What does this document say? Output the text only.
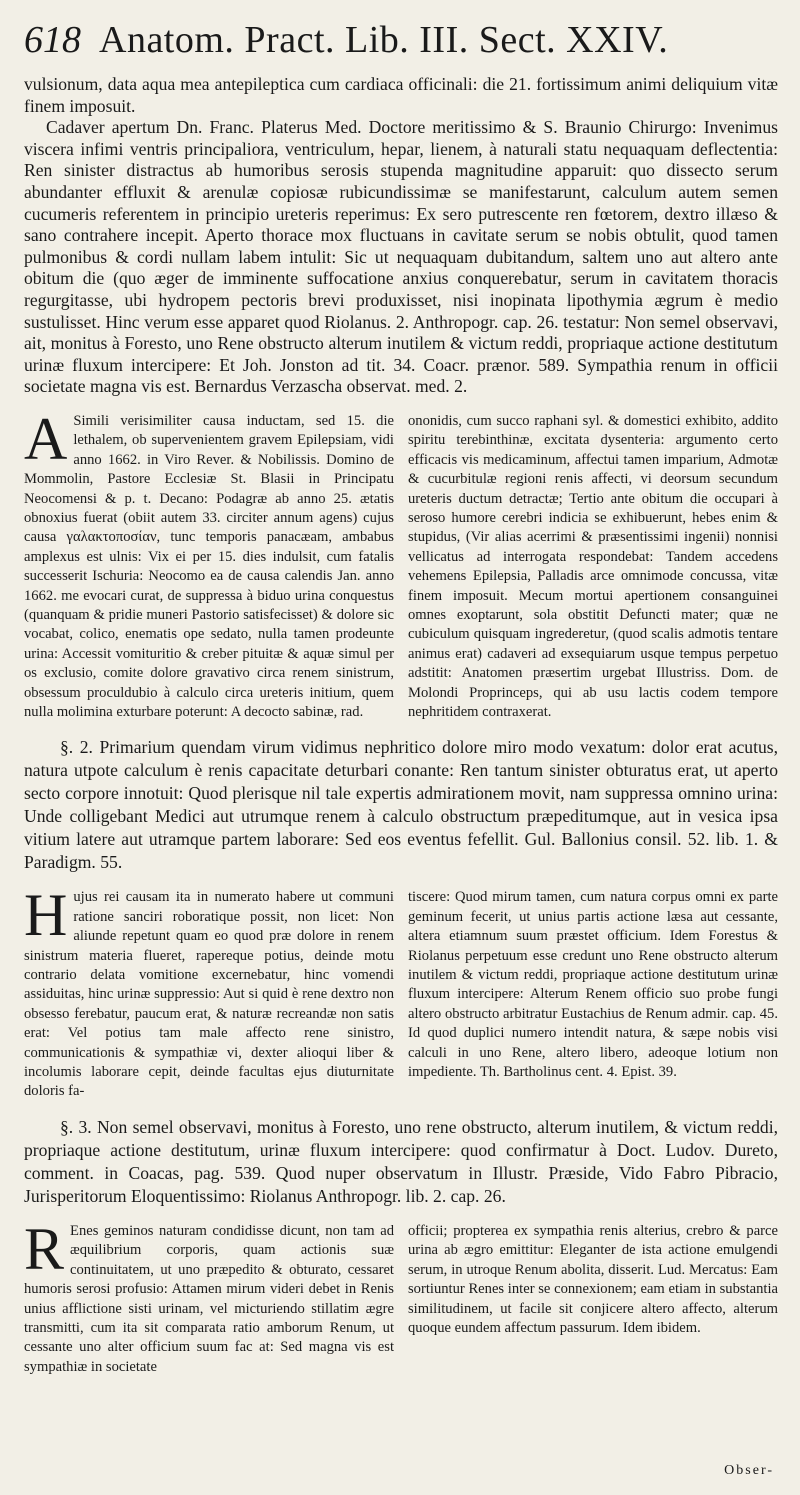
618 Anatom. Pract. Lib. III. Sect. XXIV.

vulsionum, data aqua mea antepileptica cum cardiaca officinali: die 21. fortissimum animi deliquium vitæ finem imposuit.

Cadaver apertum Dn. Franc. Platerus Med. Doctore meritissimo & S. Braunio Chirurgo: Invenimus viscera infimi ventris principaliora, ventriculum, hepar, lienem, à naturali statu nequaquam deflectentia: Ren sinister distractus ab humoribus serosis stupenda magnitudine apparuit: quo dissecto serum abundanter effluxit & arenulæ copiosæ rubicundissimæ se manifestarunt, calculum autem semen cucumeris referentem in principio ureteris reperimus: Ex sero putrescente ren fœtorem, dextro illæso & sano contrahere incepit. Aperto thorace mox fluctuans in cavitate serum se nobis obtulit, quod tamen pulmonibus & cordi nullam labem intulit: Sic ut nequaquam dubitandum, saltem uno aut altero ante obitum die (quo æger de imminente suffocatione anxius conquerebatur, serum in cavitatem thoracis regurgitasse, ubi hydropem pectoris brevi produxisset, nisi inopinata lipothymia ægrum è medio sustulisset. Hinc verum esse apparet quod Riolanus. 2. Anthropogr. cap. 26. testatur: Non semel observavi, ait, monitus à Foresto, uno Rene obstructo alterum inutilem & victum reddi, propriaque actione destitutum urinæ fluxum intercipere: Et Joh. Jonston ad tit. 34. Coacr. prænor. 589. Sympathia renum in officii societate magna vis est. Bernardus Verzascha observat. med. 2.

A Simili verisimiliter causa inductam, sed 15. die lethalem, ob supervenientem gravem Epilepsiam, vidi anno 1662. in Viro Rever. & Nobilissis. Domino de Mommolin, Pastore Ecclesiæ St. Blasii in Principatu Neocomensi & p. t. Decano: Podagræ ab anno 25. ætatis obnoxius fuerat (obiit autem 33. circiter annum agens) cujus causa γαλακτοποσίαν, tunc temporis panacæam, ambabus amplexus est ulnis: Vix ei per 15. dies indulsit, cum fatalis successerit Ischuria: Neocomo ea de causa calendis Jan. anno 1662. me evocari curat, de suppressa à biduo urina conquestus (quanquam & pridie muneri Pastorio satisfecisset) & dolore sic vocabat, colico, enematis ope sedato, nulla tamen prodeunte urina: Accessit vomituritio & creber pituitæ & aquæ simul per os exclusio, comite dolore gravativo circa renem sinistrum, obsessum proculdubio à calculo circa ureteris initium, quem nulla molimina exturbare poterunt: A decocto sabinæ, rad.
ononidis, cum succo raphani syl. & domestici exhibito, addito spiritu terebinthinæ, excitata dysenteria: argumento certo efficacis vis medicaminum, affectui tamen imparium, Admotæ & cucurbitulæ regioni renis affecti, vi deorsum secundum ureteris ductum detractæ; Tertio ante obitum die occupari à seroso humore cerebri indicia se exhibuerunt, hebes enim & stupidus, (Vir alias acerrimi & præsentissimi ingenii) nonnisi vellicatus ad interrogata respondebat: Tandem accedens vehemens Epilepsia, Palladis arce omnimode concussa, vitæ finem imposuit. Mecum mortui apertionem consanguinei omnes exoptarunt, sola obstitit Defuncti mater; quæ ne cubiculum quisquam ingrederetur, (quod scalis admotis tentare animus erat) cadaveri ad exsequiarum usque tempus perpetuo adstitit: Anatomen præsertim urgebat Illustriss. Dom. de Molondi Proprinceps, qui ab usu lactis codem tempore nephritidem contraxerat.

§. 2. Primarium quendam virum vidimus nephritico dolore miro modo vexatum: dolor erat acutus, natura utpote calculum è renis capacitate deturbari conante: Ren tantum sinister obturatus erat, ut aperto secto corpore innotuit: Quod plerisque nil tale expertis admirationem movit, nam suppressa omnino urina: Unde colligebant Medici aut utrumque renem à calculo obstructum præpeditumque, aut in vesica ipsa vitium latere aut utramque partem laborare: Sed eos eventus fefellit. Gul. Ballonius consil. 52. lib. 1. & Paradigm. 55.

H ujus rei causam ita in numerato habere ut communi ratione sanciri roboratique possit, non licet: Non aliunde repetunt quam eo quod præ dolore in renem sinistrum materia flueret, rapereque potius, deinde motu contrario delata vomitione excernebatur, hinc vomendi assiduitas, hinc urinæ suppressio: Aut si quid è rene dextro non obsesso ferebatur, paucum erat, & naturæ recreandæ non satis erat: Vel potius tam male affecto rene sinistro, communicationis & sympathiæ vi, dexter alioqui liber & incolumis laborare cepit, deinde facultas ejus diuturnitate doloris fa-
tiscere: Quod mirum tamen, cum natura corpus omni ex parte geminum fecerit, ut unius partis actione læsa aut cessante, altera etiamnum suum præstet officium. Idem Forestus & Riolanus perpetuum esse credunt uno Rene obstructo alterum inutilem & victum reddi, propriaque actione destitutum urinæ fluxum intercipere: Alterum Renem officio suo probe fungi altero obstructo arbitratur Eustachius de Renum admir. cap. 45. Id quod duplici numero intendit natura, & sæpe nobis visi calculi in uno Rene, altero libero, adeoque lotium non impediente. Th. Bartholinus cent. 4. Epist. 39.

§. 3. Non semel observavi, monitus à Foresto, uno rene obstructo, alterum inutilem, & victum reddi, propriaque actione destitutum, urinæ fluxum intercipere: quod confirmatur à Doct. Ludov. Dureto, comment. in Coacas, pag. 539. Quod nuper observatum in Illustr. Præside, Vido Fabro Pibracio, Jurisperitorum Eloquentissimo: Riolanus Anthropogr. lib. 2. cap. 26.

R Enes geminos naturam condidisse dicunt, non tam ad æquilibrium corporis, quam actionis suæ continuitatem, ut uno præpedito & obturato, cessaret humoris serosi profusio: Attamen mirum videri debet in Renis unius afflictione sisti urinam, vel micturiendo stillatim ægre transmitti, cum ita sit comparata ratio amborum Renum, ut cessante uno alter officium suum fac at: Sed magna vis est sympathiæ in societate
officii; propterea ex sympathia renis alterius, crebro & parce urina ab ægro emittitur: Eleganter de ista actione emulgendi serum, in utroque Renum abolita, disserit. Lud. Mercatus: Eam sortiuntur Renes inter se connexionem; eam etiam in substantia similitudinem, ut facile sit conjicere altero affecto, alterum quoque eundem affectum passurum. Idem ibidem.
Obser-
